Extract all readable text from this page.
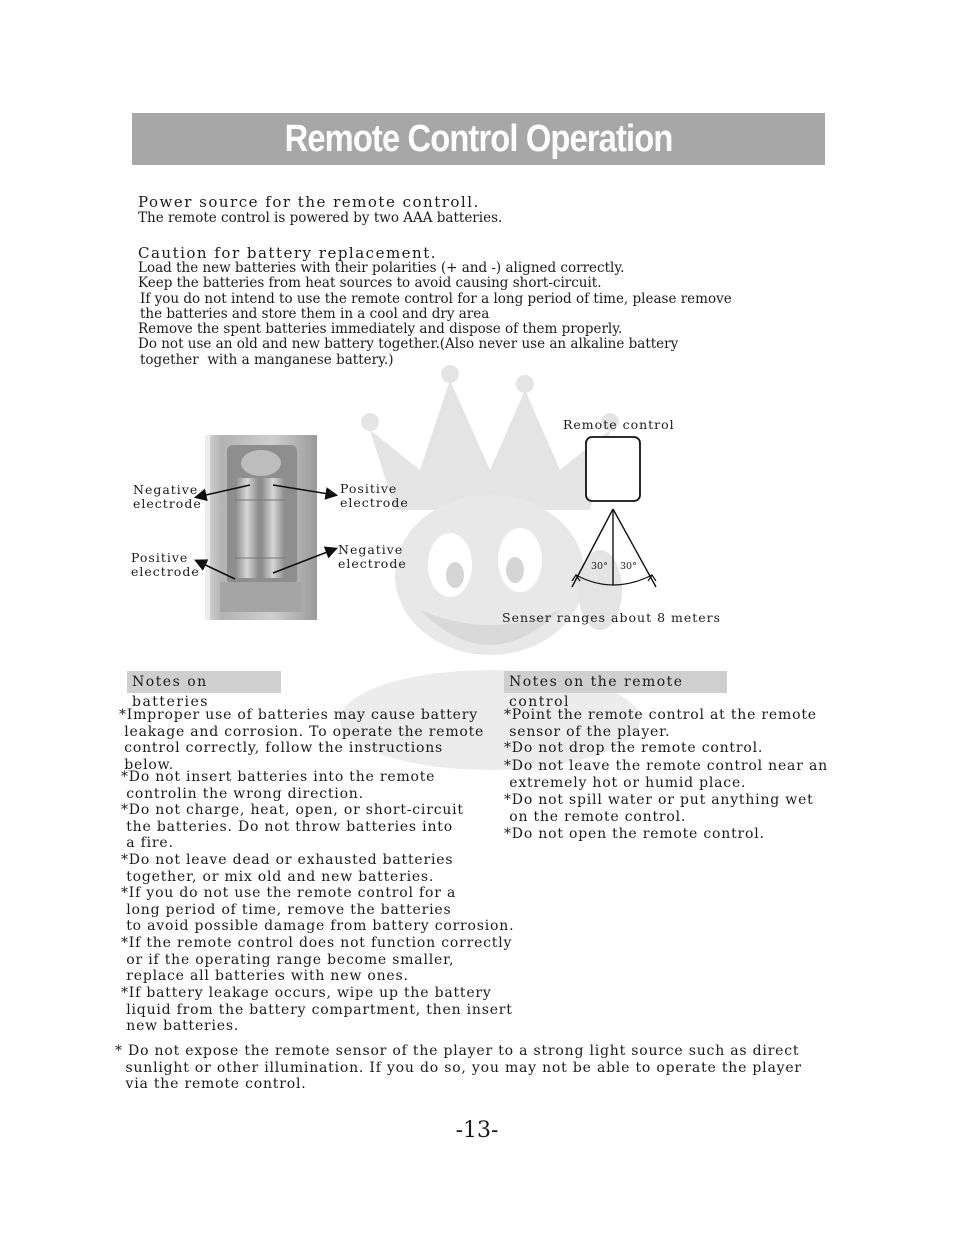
Remote Control Operation
Power source for the remote controll.
The remote control is powered by two AAA batteries.
Caution for battery replacement.
Load the new batteries with their polarities (+ and -) aligned correctly.
Keep the batteries from heat sources to avoid causing short-circuit.
If you do not intend to use the remote control for a long period of time, please remove
the batteries and store them in a cool and dry area
Remove the spent batteries immediately and dispose of them properly.
Do not use an old and new battery together.(Also never use an alkaline battery
together  with a manganese battery.)
Negative
electrode
Positive
electrode
Positive
electrode
Negative
electrode
Remote control
30° 30°
Senser ranges about 8 meters
Notes on batteries
Notes on the remote control
*Improper use of batteries may cause battery
leakage and corrosion. To operate the remote
control correctly, follow the instructions
below.
*Do not insert batteries into the remote
controlin the wrong direction.
*Do not charge, heat, open, or short-circuit
the batteries. Do not throw batteries into
a fire.
*Do not leave dead or exhausted batteries
together, or mix old and new batteries.
*If you do not use the remote control for a
long period of time, remove the batteries
to avoid possible damage from battery corrosion.
*If the remote control does not function correctly
or if the operating range become smaller,
replace all batteries with new ones.
*If battery leakage occurs, wipe up the battery
liquid from the battery compartment, then insert
new batteries.
*Point the remote control at the remote
sensor of the player.
*Do not drop the remote control.
*Do not leave the remote control near an
extremely hot or humid place.
*Do not spill water or put anything wet
on the remote control.
*Do not open the remote control.
* Do not expose the remote sensor of the player to a strong light source such as direct
sunlight or other illumination. If you do so, you may not be able to operate the player
via the remote control.
-13-
